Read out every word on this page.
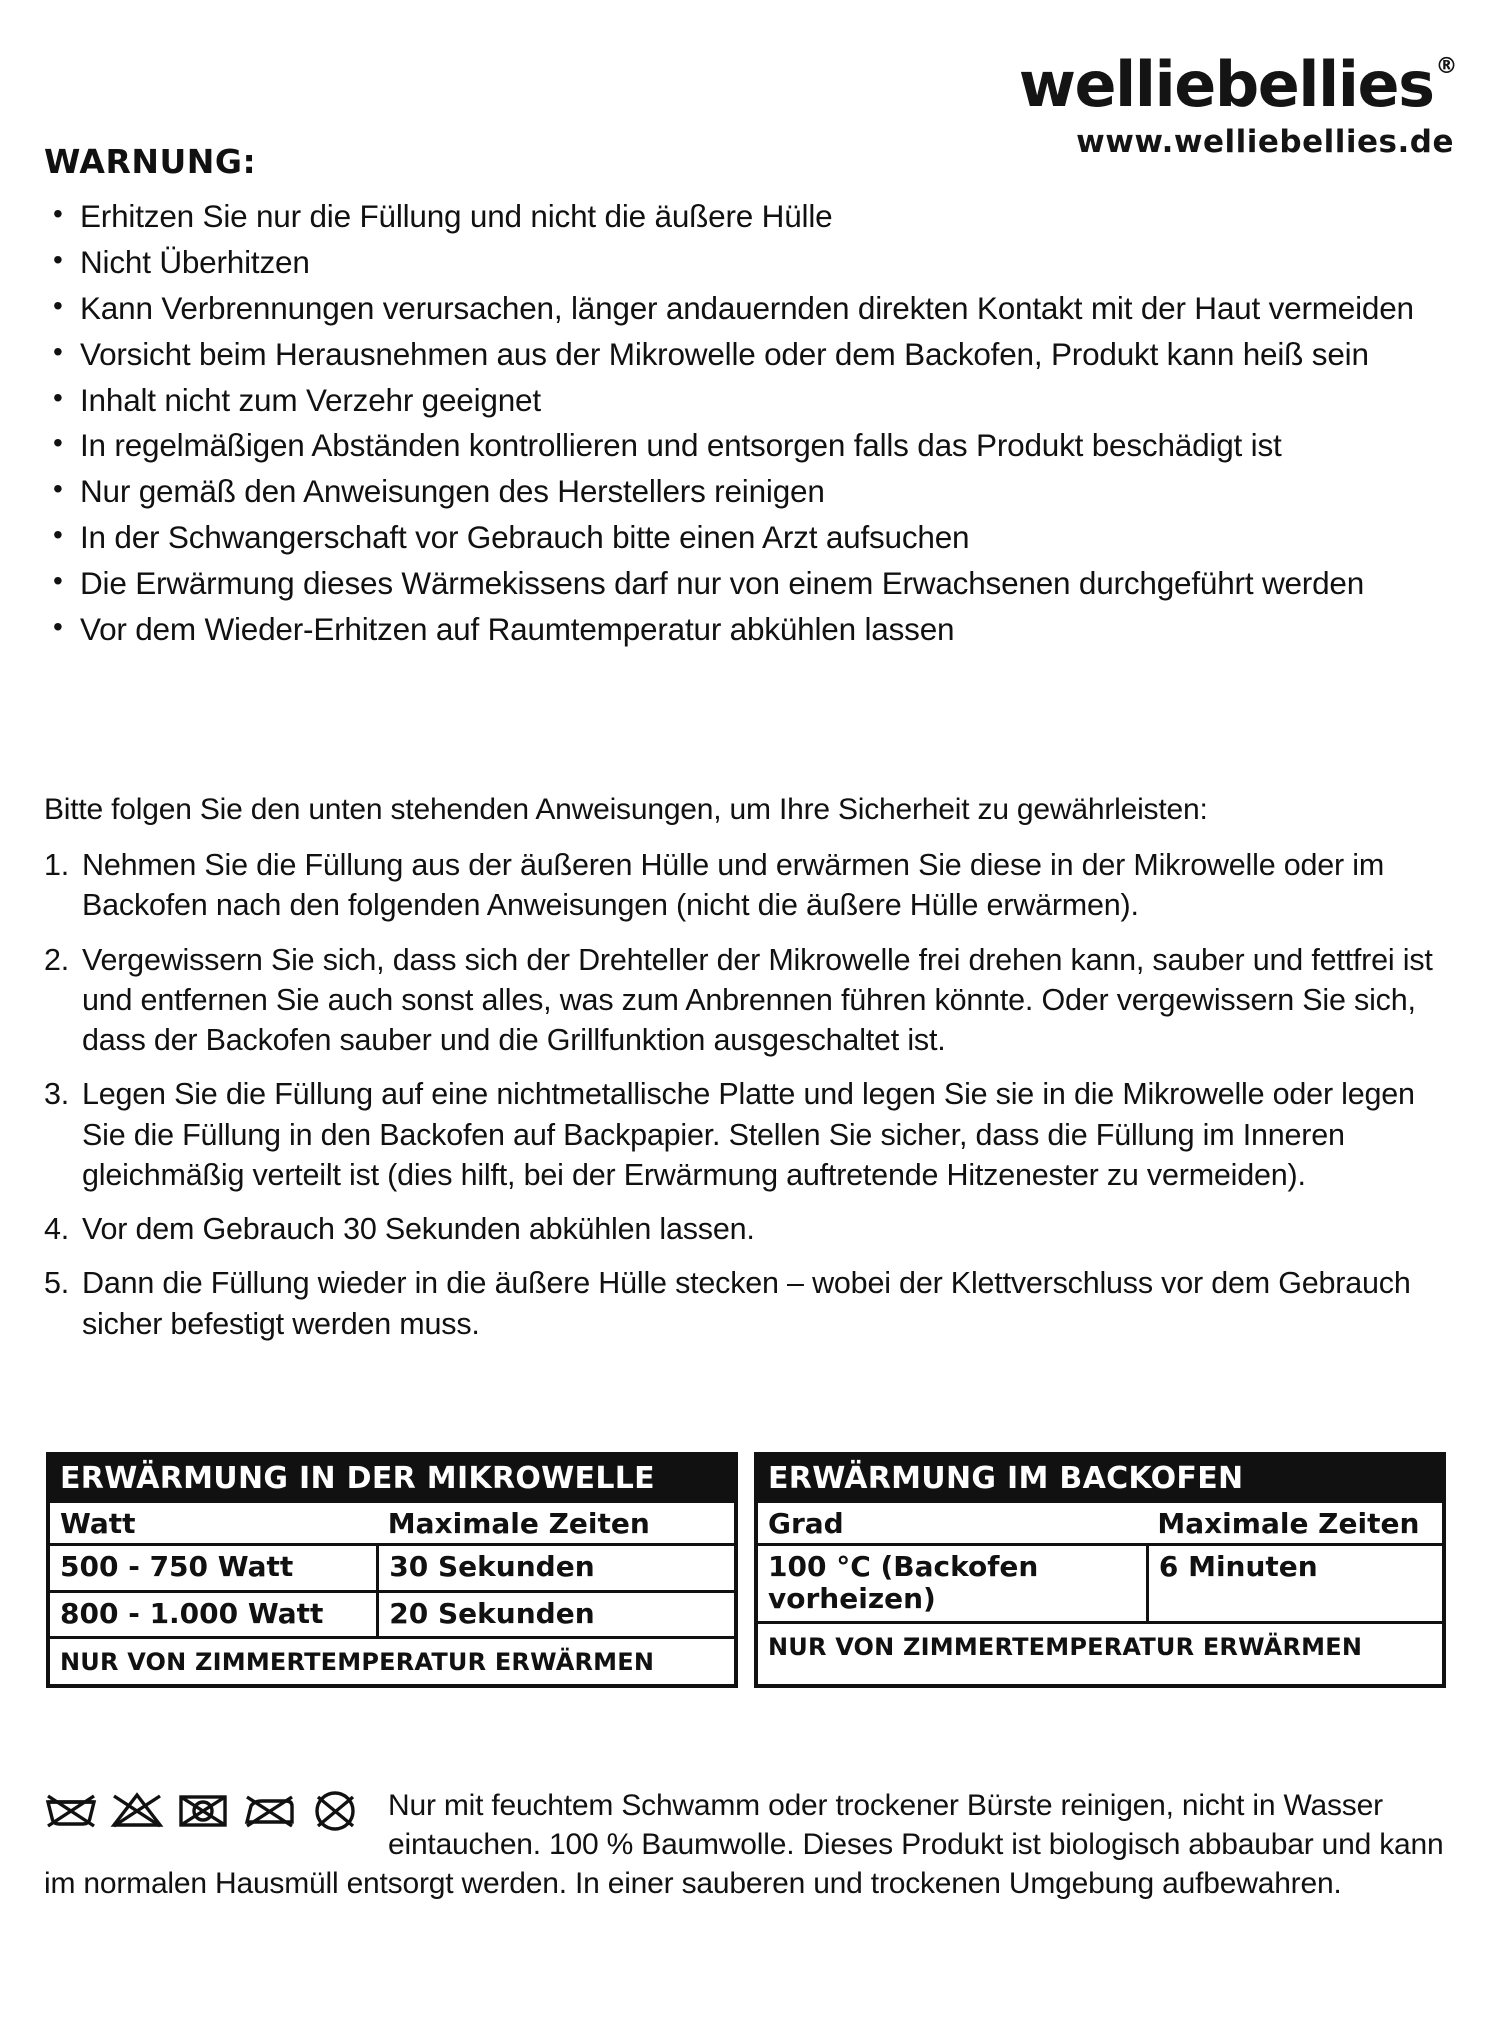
welliebellies®
www.welliebellies.de
WARNUNG:
• Erhitzen Sie nur die Füllung und nicht die äußere Hülle
• Nicht Überhitzen
• Kann Verbrennungen verursachen, länger andauernden direkten Kontakt mit der Haut vermeiden
• Vorsicht beim Herausnehmen aus der Mikrowelle oder dem Backofen, Produkt kann heiß sein
• Inhalt nicht zum Verzehr geeignet
• In regelmäßigen Abständen kontrollieren und entsorgen falls das Produkt beschädigt ist
• Nur gemäß den Anweisungen des Herstellers reinigen
• In der Schwangerschaft vor Gebrauch bitte einen Arzt aufsuchen
• Die Erwärmung dieses Wärmekissens darf nur von einem Erwachsenen durchgeführt werden
• Vor dem Wieder-Erhitzen auf Raumtemperatur abkühlen lassen
Bitte folgen Sie den unten stehenden Anweisungen, um Ihre Sicherheit zu gewährleisten:
1. Nehmen Sie die Füllung aus der äußeren Hülle und erwärmen Sie diese in der Mikrowelle oder im Backofen nach den folgenden Anweisungen (nicht die äußere Hülle erwärmen).
2. Vergewissern Sie sich, dass sich der Drehteller der Mikrowelle frei drehen kann, sauber und fettfrei ist und entfernen Sie auch sonst alles, was zum Anbrennen führen könnte. Oder vergewissern Sie sich, dass der Backofen sauber und die Grillfunktion ausgeschaltet ist.
3. Legen Sie die Füllung auf eine nichtmetallische Platte und legen Sie sie in die Mikrowelle oder legen Sie die Füllung in den Backofen auf Backpapier. Stellen Sie sicher, dass die Füllung im Inneren gleichmäßig verteilt ist (dies hilft, bei der Erwärmung auftretende Hitzenester zu vermeiden).
4. Vor dem Gebrauch 30 Sekunden abkühlen lassen.
5. Dann die Füllung wieder in die äußere Hülle stecken – wobei der Klettverschluss vor dem Gebrauch sicher befestigt werden muss.
ERWÄRMUNG IN DER MIKROWELLE
Watt	Maximale Zeiten
500 - 750 Watt	30 Sekunden
800 - 1.000 Watt	20 Sekunden
NUR VON ZIMMERTEMPERATUR ERWÄRMEN	
ERWÄRMUNG IM BACKOFEN
Grad	Maximale Zeiten
100 °C (Backofen vorheizen)	6 Minuten
NUR VON ZIMMERTEMPERATUR ERWÄRMEN	
Nur mit feuchtem Schwamm oder trockener Bürste reinigen, nicht in Wasser eintauchen. 100 % Baumwolle. Dieses Produkt ist biologisch abbaubar und kann im normalen Hausmüll entsorgt werden. In einer sauberen und trockenen Umgebung aufbewahren.
